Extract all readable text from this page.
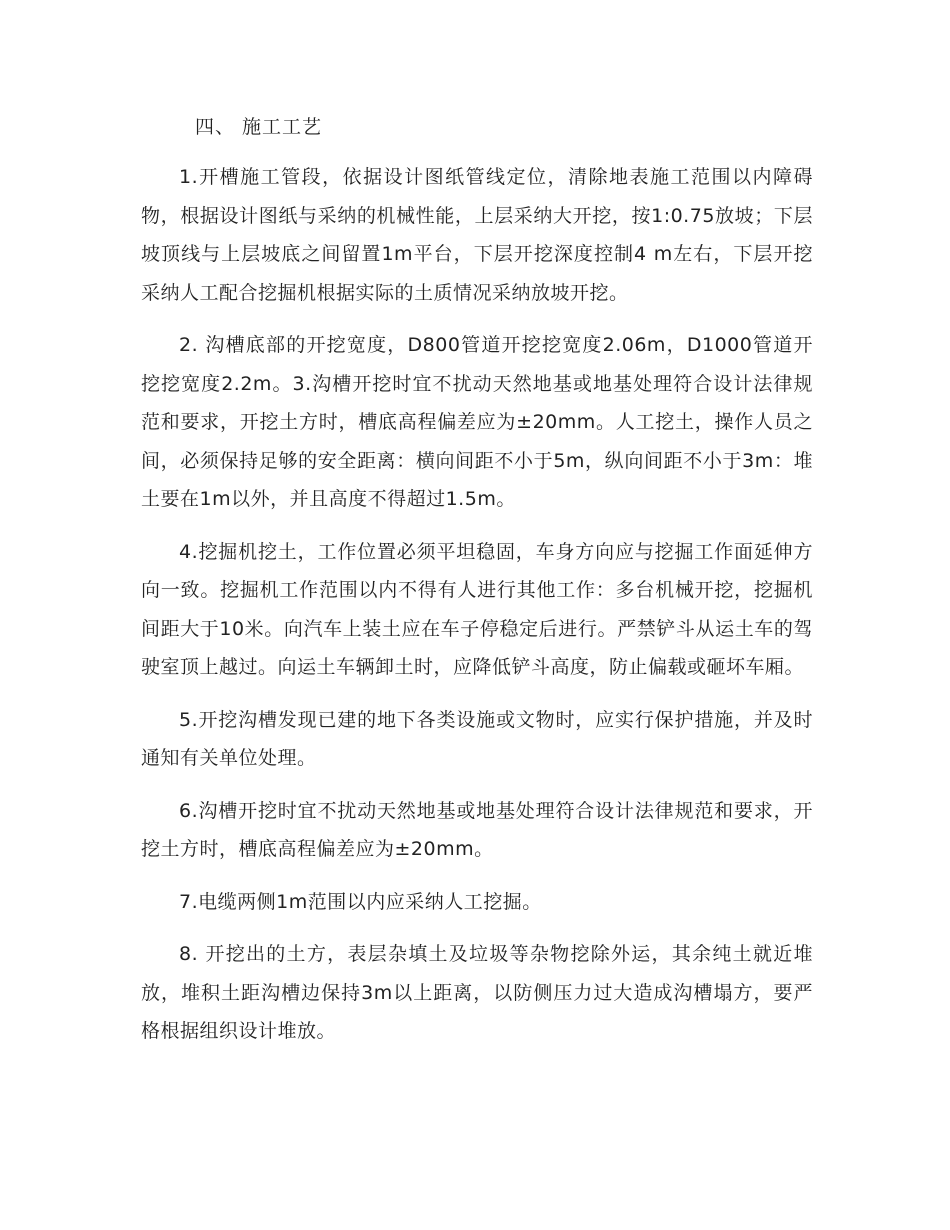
四、 施工工艺

1.开槽施工管段，依据设计图纸管线定位，清除地表施工范围以内障碍物，根据设计图纸与采纳的机械性能，上层采纳大开挖，按1:0.75放坡；下层坡顶线与上层坡底之间留置1m平台，下层开挖深度控制4 m左右，下层开挖采纳人工配合挖掘机根据实际的土质情况采纳放坡开挖。

2. 沟槽底部的开挖宽度，D800管道开挖挖宽度2.06m，D1000管道开挖挖宽度2.2m。3.沟槽开挖时宜不扰动天然地基或地基处理符合设计法律规范和要求，开挖土方时，槽底高程偏差应为±20mm。人工挖土，操作人员之间，必须保持足够的安全距离：横向间距不小于5m，纵向间距不小于3m：堆土要在1m以外，并且高度不得超过1.5m。

4.挖掘机挖土，工作位置必须平坦稳固，车身方向应与挖掘工作面延伸方向一致。挖掘机工作范围以内不得有人进行其他工作：多台机械开挖，挖掘机间距大于10米。向汽车上装土应在车子停稳定后进行。严禁铲斗从运土车的驾驶室顶上越过。向运土车辆卸土时，应降低铲斗高度，防止偏载或砸坏车厢。

5.开挖沟槽发现已建的地下各类设施或文物时，应实行保护措施，并及时通知有关单位处理。

6.沟槽开挖时宜不扰动天然地基或地基处理符合设计法律规范和要求，开挖土方时，槽底高程偏差应为±20mm。

7.电缆两侧1m范围以内应采纳人工挖掘。

8. 开挖出的土方，表层杂填土及垃圾等杂物挖除外运，其余纯土就近堆放，堆积土距沟槽边保持3m以上距离，以防侧压力过大造成沟槽塌方，要严格根据组织设计堆放。
